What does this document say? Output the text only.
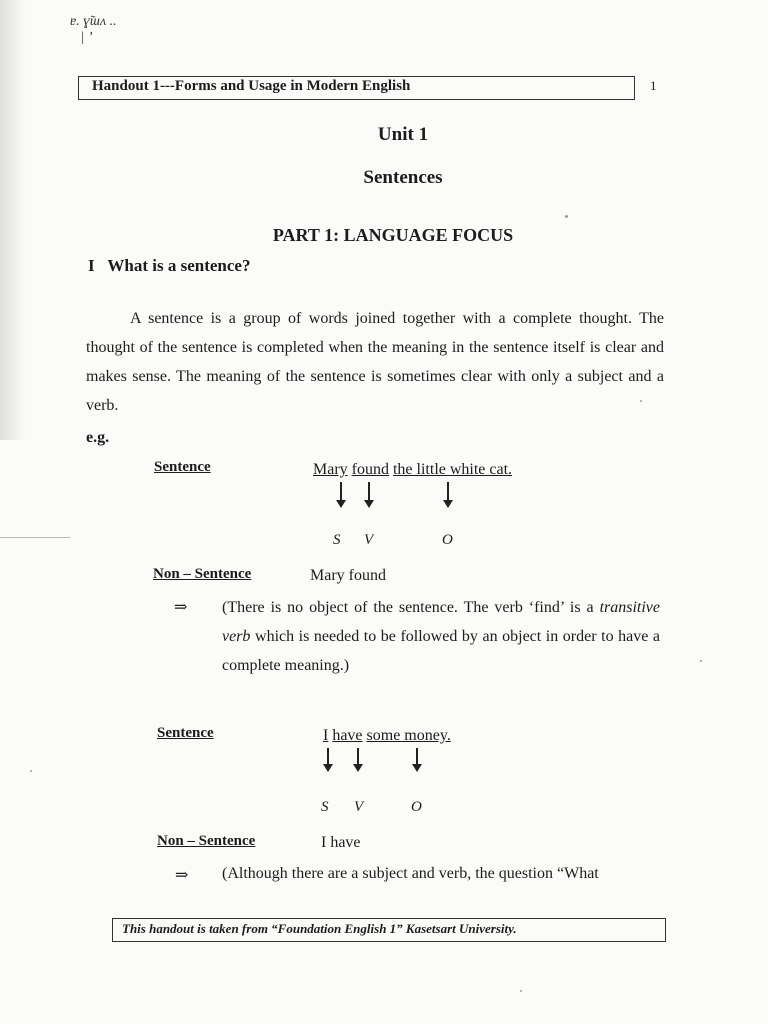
ɐ. ɣ̃ɯʌ ..
| ’
Handout 1---Forms and Usage in Modern English	1
Unit 1
Sentences
PART 1: LANGUAGE FOCUS
I What is a sentence?
A sentence is a group of words joined together with a complete thought. The thought of the sentence is completed when the meaning in the sentence itself is clear and makes sense. The meaning of the sentence is sometimes clear with only a subject and a verb.
e.g.
Sentence	Mary found the little white cat.
S V	O
Non – Sentence	Mary found
⇒ (There is no object of the sentence. The verb ‘find’ is a transitive verb which is needed to be followed by an object in order to have a complete meaning.)
Sentence	I have some money.
S V	O
Non – Sentence	I have
⇒ (Although there are a subject and verb, the question “What
This handout is taken from “Foundation English 1” Kasetsart University.
